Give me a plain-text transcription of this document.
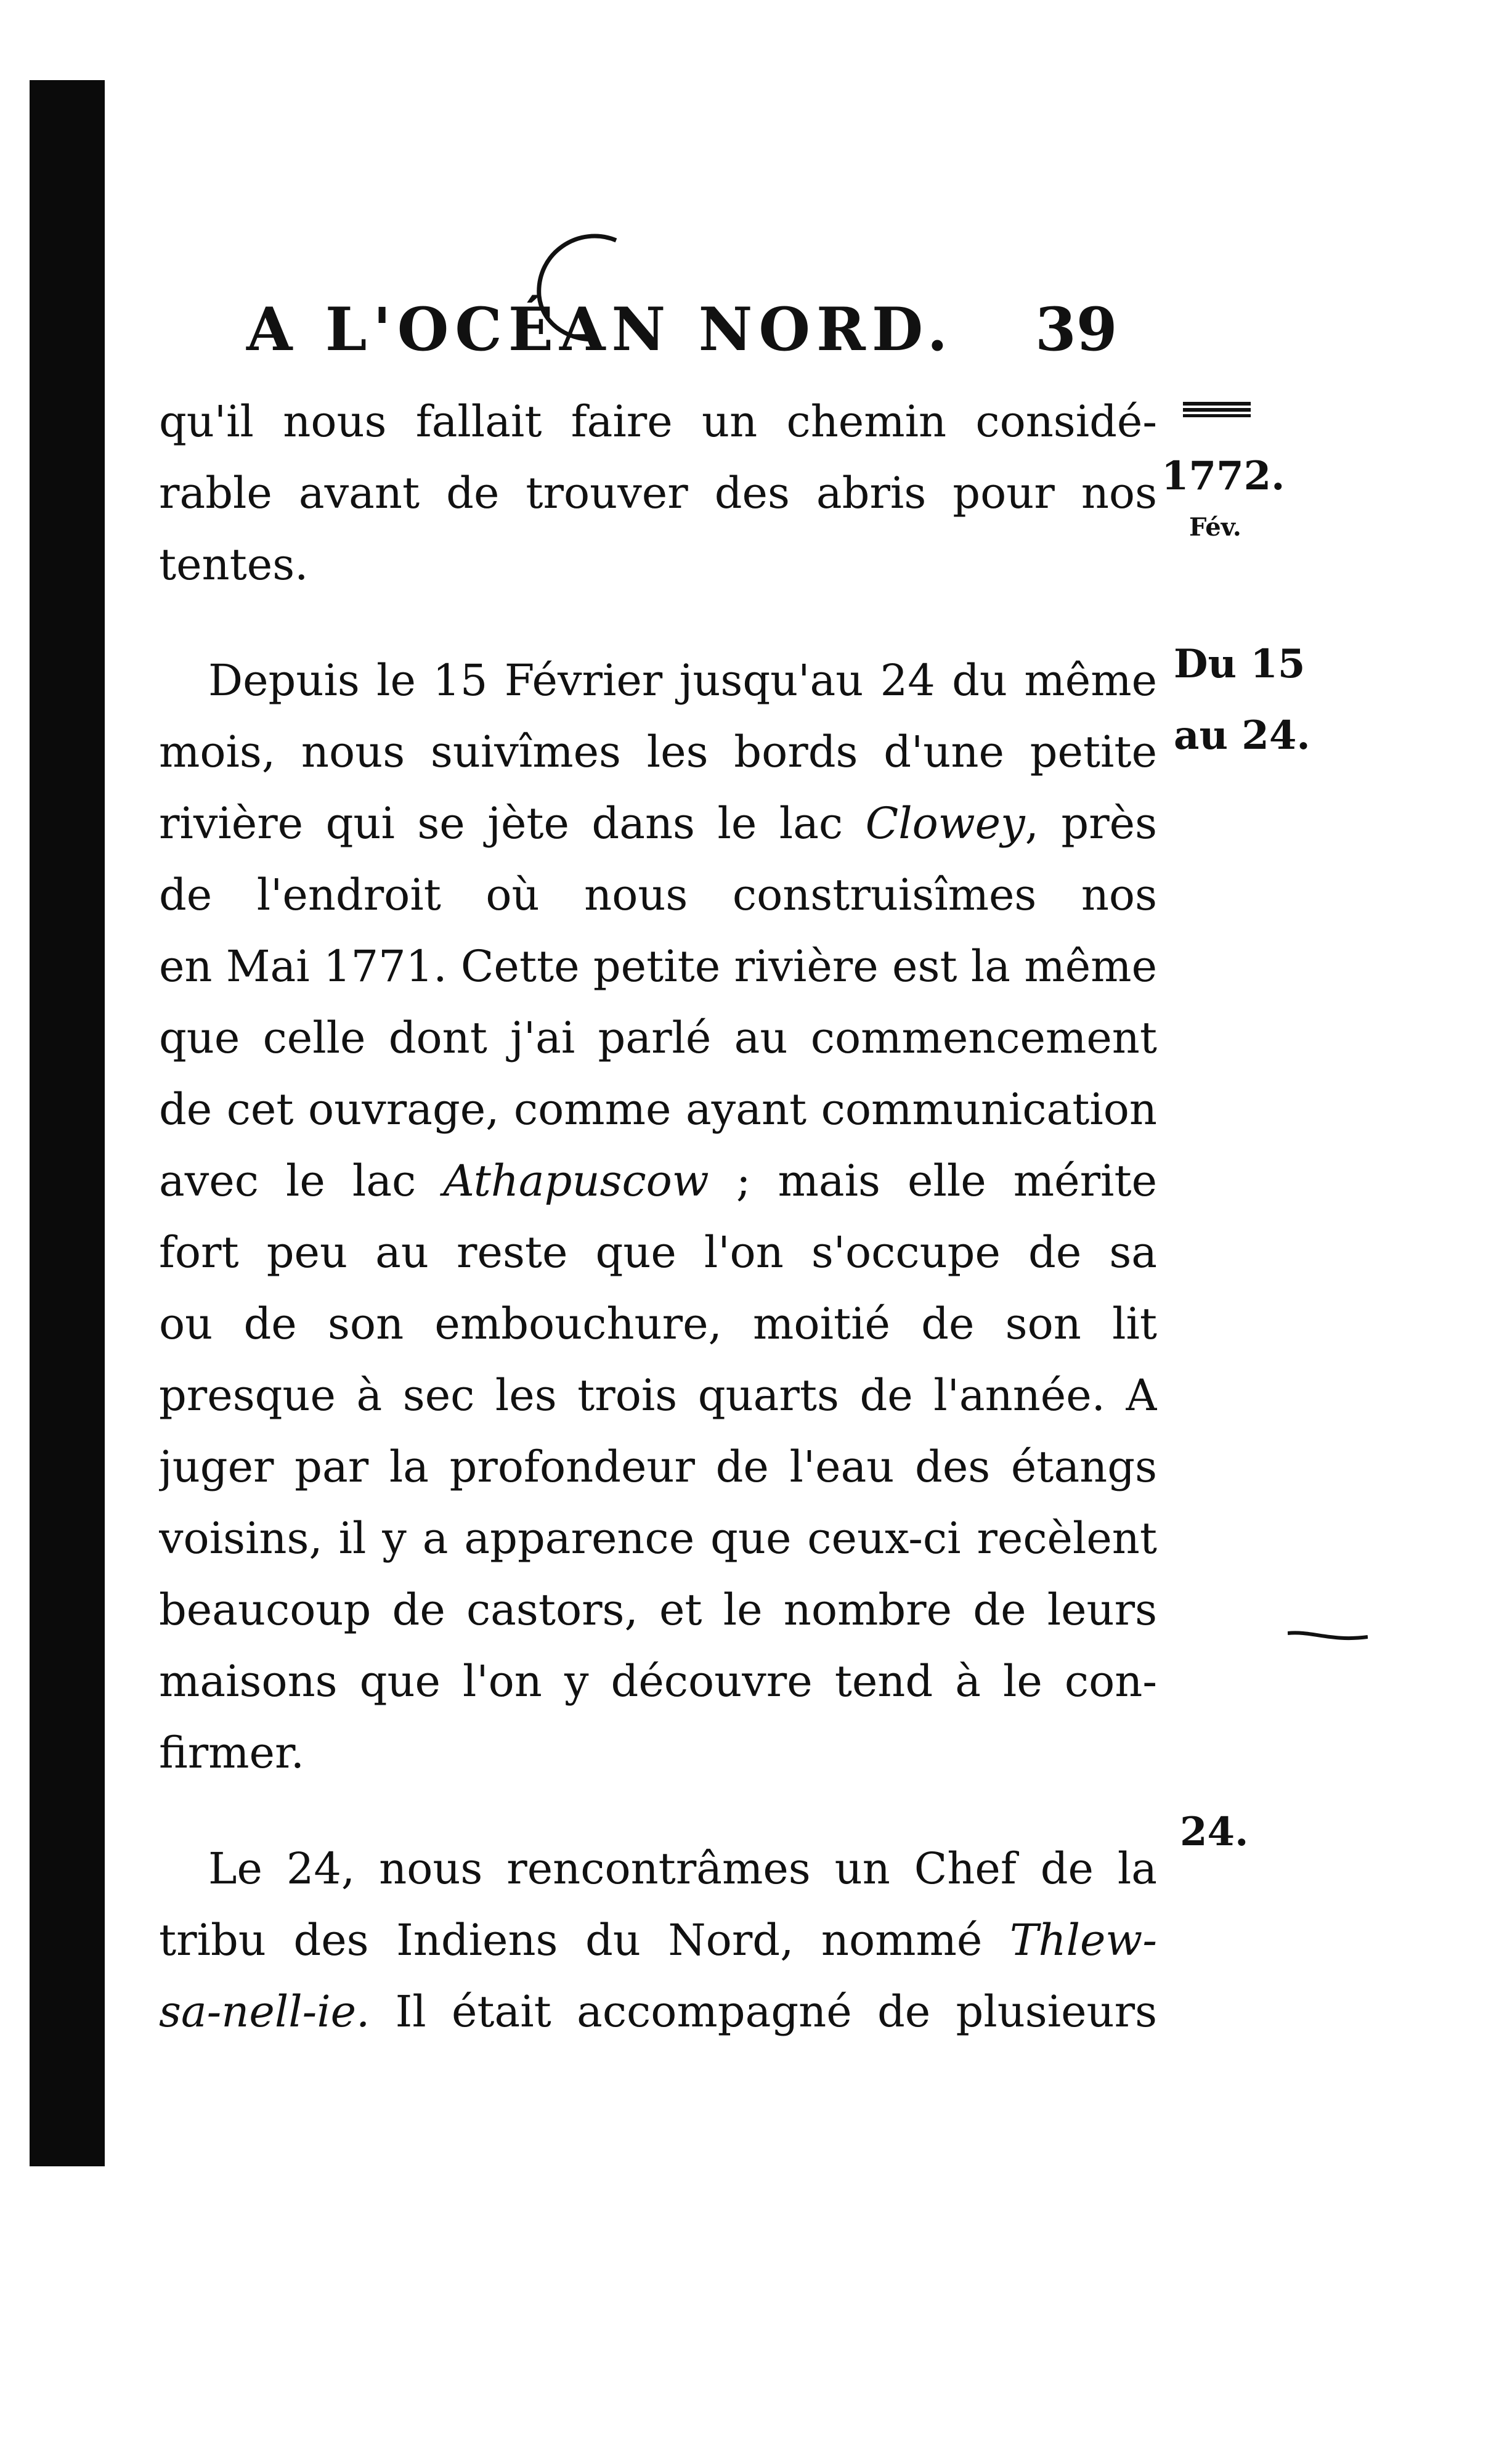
A L'OCÉAN NORD. 39
qu'il nous fallait faire un chemin considé-
rable avant de trouver des abris pour nos
tentes.
Depuis le 15 Février jusqu'au 24 du même
mois, nous suivîmes les bords d'une petite
rivière qui se jète dans le lac Clowey, près
de l'endroit où nous construisîmes nos
en Mai 1771. Cette petite rivière est la même
que celle dont j'ai parlé au commencement
de cet ouvrage, comme ayant communication
avec le lac Athapuscow ; mais elle mérite
fort peu au reste que l'on s'occupe de sa
ou de son embouchure, moitié de son lit
presque à sec les trois quarts de l'année. A
juger par la profondeur de l'eau des étangs
voisins, il y a apparence que ceux-ci recèlent
beaucoup de castors, et le nombre de leurs
maisons que l'on y découvre tend à le con-
firmer.
Le 24, nous rencontrâmes un Chef de la
tribu des Indiens du Nord, nommé Thlew-
sa-nell-ie. Il était accompagné de plusieurs
1772.
Fév.
Du 15
au 24.
24.
